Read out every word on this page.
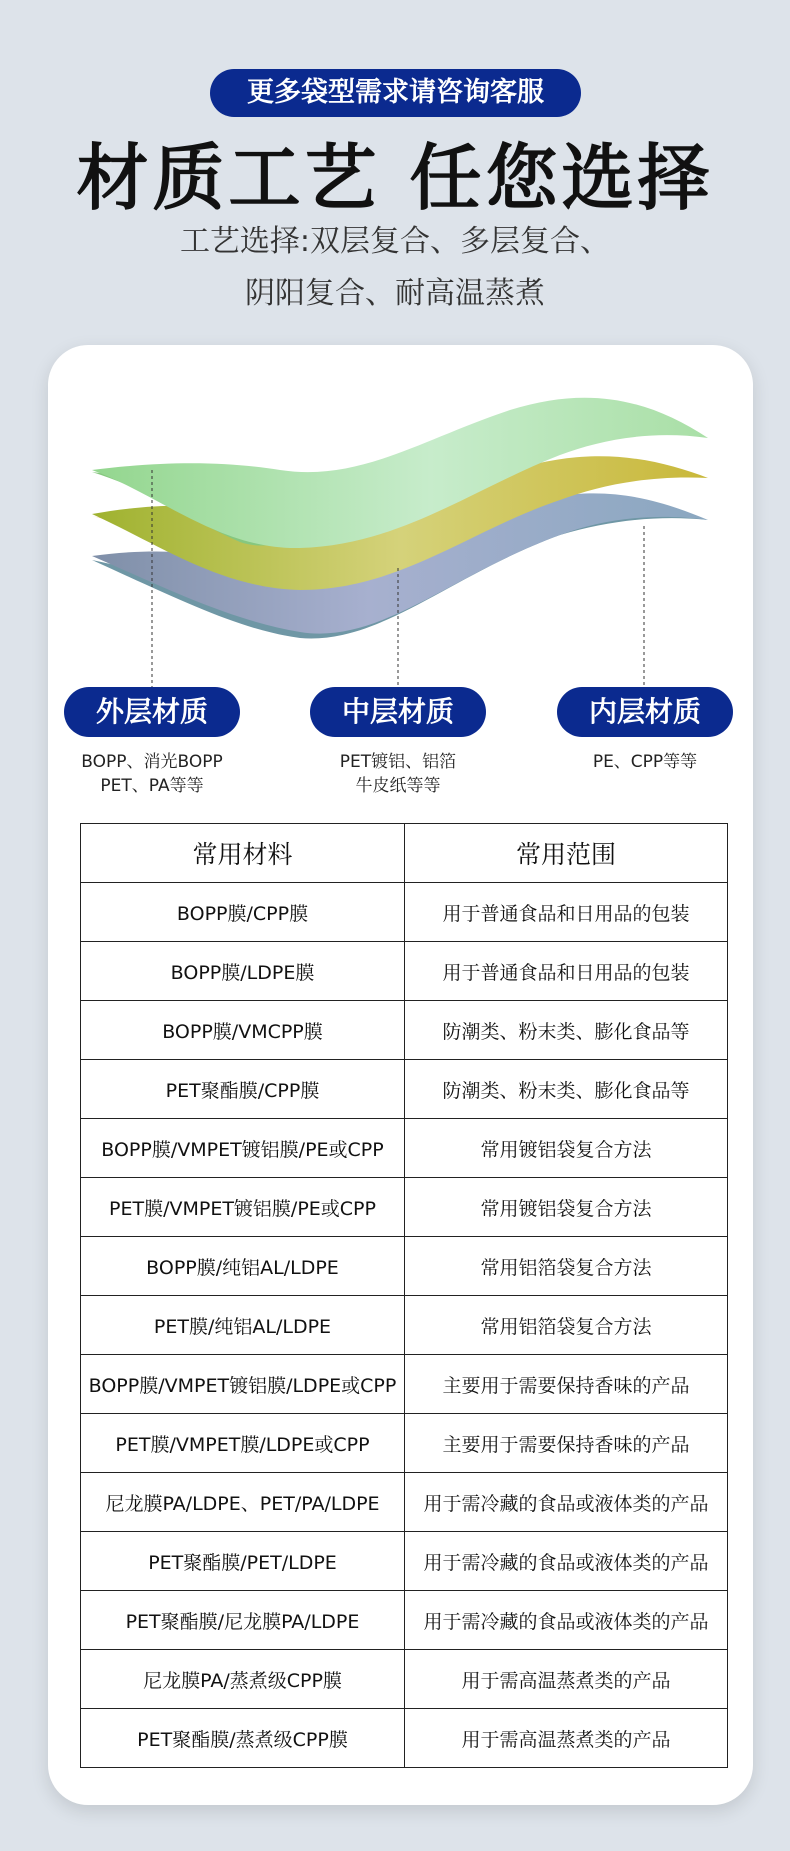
更多袋型需求请咨询客服
材质工艺 任您选择
工艺选择:双层复合、多层复合、
阴阳复合、耐高温蒸煮
外层材质	中层材质	内层材质
BOPP、消光BOPP
PET、PA等等
PET镀铝、铝箔
牛皮纸等等
PE、CPP等等
常用材料	常用范围
BOPP膜/CPP膜	用于普通食品和日用品的包装
BOPP膜/LDPE膜	用于普通食品和日用品的包装
BOPP膜/VMCPP膜	防潮类、粉末类、膨化食品等
PET聚酯膜/CPP膜	防潮类、粉末类、膨化食品等
BOPP膜/VMPET镀铝膜/PE或CPP	常用镀铝袋复合方法
PET膜/VMPET镀铝膜/PE或CPP	常用镀铝袋复合方法
BOPP膜/纯铝AL/LDPE	常用铝箔袋复合方法
PET膜/纯铝AL/LDPE	常用铝箔袋复合方法
BOPP膜/VMPET镀铝膜/LDPE或CPP	主要用于需要保持香味的产品
PET膜/VMPET膜/LDPE或CPP	主要用于需要保持香味的产品
尼龙膜PA/LDPE、PET/PA/LDPE	用于需冷藏的食品或液体类的产品
PET聚酯膜/PET/LDPE	用于需冷藏的食品或液体类的产品
PET聚酯膜/尼龙膜PA/LDPE	用于需冷藏的食品或液体类的产品
尼龙膜PA/蒸煮级CPP膜	用于需高温蒸煮类的产品
PET聚酯膜/蒸煮级CPP膜	用于需高温蒸煮类的产品
